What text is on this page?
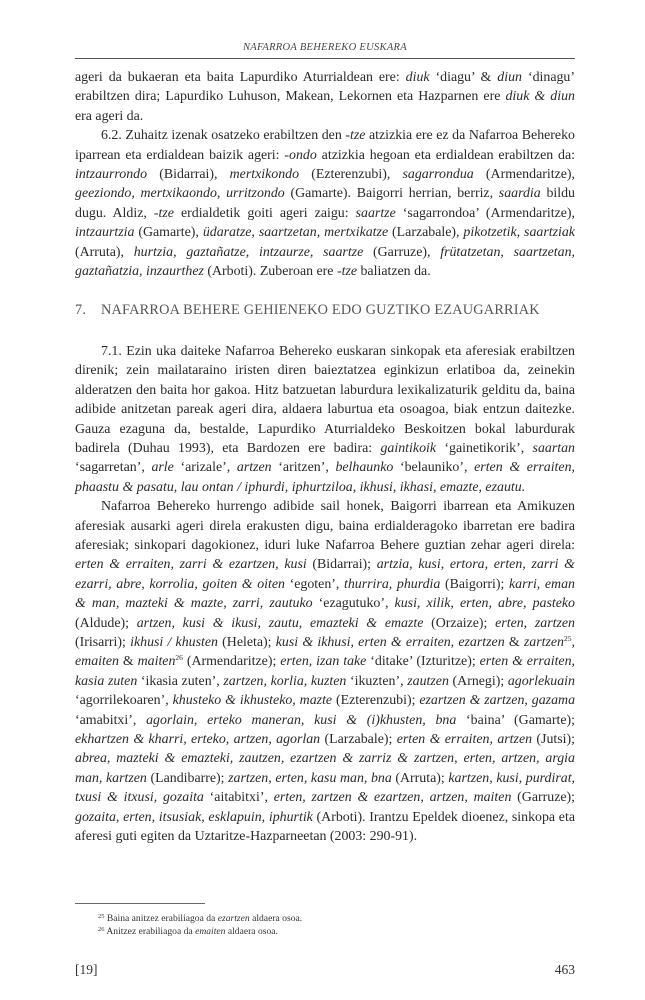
NAFARROA BEHEREKO EUSKARA

ageri da bukaeran eta baita Lapurdiko Aturrialdean ere: diuk ‘diagu’ & diun ‘dinagu’ erabiltzen dira; Lapurdiko Luhuson, Makean, Lekornen eta Hazparnen ere diuk & diun era ageri da.

6.2. Zuhaitz izenak osatzeko erabiltzen den -tze atzizkia ere ez da Nafarroa Behereko iparrean eta erdialdean baizik ageri: -ondo atzizkia hegoan eta erdialdean erabiltzen da: intzaurrondo (Bidarrai), mertxikondo (Ezterenzubi), sagarrondua (Armendaritze), geeziondo, mertxikaondo, urritzondo (Gamarte). Baigorri herrian, berriz, saardia bildu dugu. Aldiz, -tze erdialdetik goiti ageri zaigu: saartze ‘sagarrondoa’ (Armendaritze), intzaurtzia (Gamarte), üdaratze, saartzetan, mertxikatze (Larzabale), pikotzetik, saartziak (Arruta), hurtzia, gaztañatze, intzaurze, saartze (Garruze), frütatzetan, saartzetan, gaztañatzia, inzaurthez (Arboti). Zuberoan ere -tze baliatzen da.

7. NAFARROA BEHERE GEHIENEKO EDO GUZTIKO EZAUGARRIAK

7.1. Ezin uka daiteke Nafarroa Behereko euskaran sinkopak eta aferesiak erabiltzen direnik; zein mailataraino iristen diren baieztatzea eginkizun erlatiboa da, zeinekin alderatzen den baita hor gakoa. Hitz batzuetan laburdura lexikalizaturik gelditu da, baina adibide anitzetan pareak ageri dira, aldaera laburtua eta osoagoa, biak entzun daitezke. Gauza ezaguna da, bestalde, Lapurdiko Aturrialdeko Beskoitzen bokal laburdurak badirela (Duhau 1993), eta Bardozen ere badira: gaintikoik ‘gainetikorik’, saartan ‘sagarretan’, arle ‘arizale’, artzen ‘aritzen’, belhaunko ‘belauniko’, erten & erraiten, phaastu & pasatu, lau ontan / iphurdi, iphurtziloa, ikhusi, ikhasi, emazte, ezautu.

Nafarroa Behereko hurrengo adibide sail honek, Baigorri ibarrean eta Amikuzen aferesiak ausarki ageri direla erakusten digu, baina erdialderagoko ibarretan ere badira aferesiak; sinkopari dagokionez, iduri luke Nafarroa Behere guztian zehar ageri direla: erten & erraiten, zarri & ezartzen, kusi (Bidarrai); artzia, kusi, ertora, erten, zarri & ezarri, abre, korrolia, goiten & oiten ‘egoten’, thurrira, phurdia (Baigorri); karri, eman & man, mazteki & mazte, zarri, zautuko ‘ezagutuko’, kusi, xilik, erten, abre, pasteko (Aldude); artzen, kusi & ikusi, zautu, emazteki & emazte (Orzaize); erten, zartzen (Irisarri); ikhusi / khusten (Heleta); kusi & ikhusi, erten & erraiten, ezartzen & zartzen$^{25}$, emaiten & maiten$^{26}$ (Armendaritze); erten, izan take ‘ditake’ (Izturitze); erten & erraiten, kasia zuten ‘ikasia zuten’, zartzen, korlia, kuzten ‘ikuzten’, zautzen (Arnegi); agorlekuain ‘agorrilekoaren’, khusteko & ikhusteko, mazte (Ezterenzubi); ezartzen & zartzen, gazama ‘amabitxi’, agorlain, erteko maneran, kusi & (i)khusten, bna ‘baina’ (Gamarte); ekhartzen & kharri, erteko, artzen, agorlan (Larzabale); erten & erraiten, artzen (Jutsi); abrea, mazteki & emazteki, zautzen, ezartzen & zarriz & zartzen, erten, artzen, argia man, kartzen (Landibarre); zartzen, erten, kasu man, bna (Arruta); kartzen, kusi, purdirat, txusi & itxusi, gozaita ‘aitabitxi’, erten, zartzen & ezartzen, artzen, maiten (Garruze); gozaita, erten, itsusiak, esklapuin, iphurtik (Arboti). Irantzu Epeldek dioenez, sinkopa eta aferesi guti egiten da Uztaritze-Hazparneetan (2003: 290-91).

$^{25}$ Baina anitzez erabiliagoa da ezartzen aldaera osoa.
$^{26}$ Anitzez erabiliagoa da emaiten aldaera osoa.
[19]	463
